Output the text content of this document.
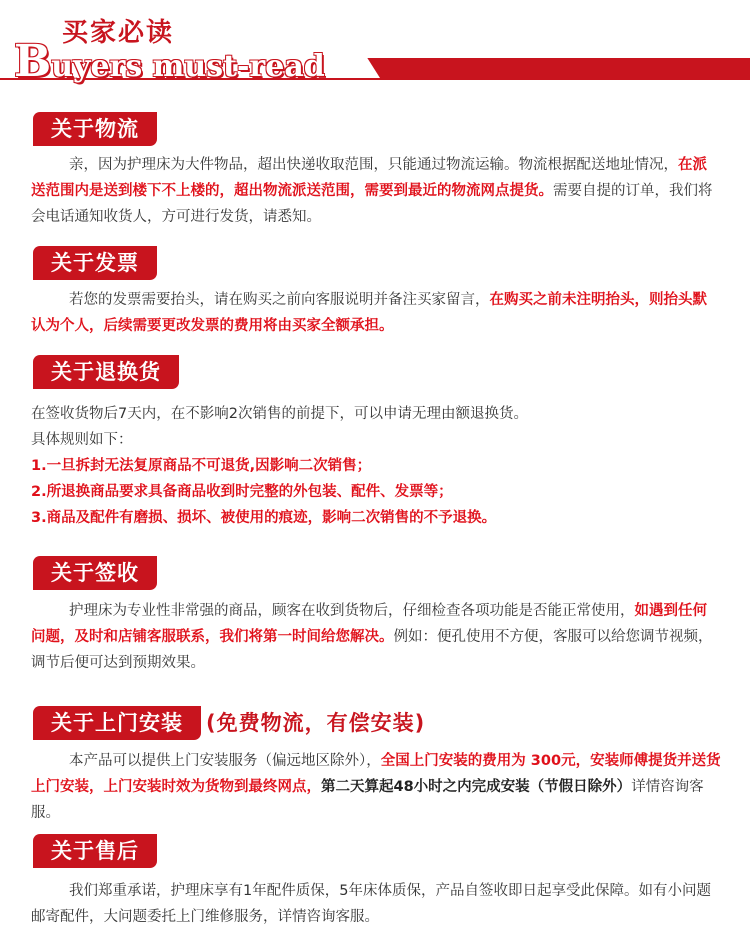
买家必读
Buyers must-read
关于物流

亲，因为护理床为大件物品，超出快递收取范围，只能通过物流运输。物流根据配送地址情况，在派送范围内是送到楼下不上楼的，超出物流派送范围，需要到最近的物流网点提货。需要自提的订单，我们将会电话通知收货人，方可进行发货，请悉知。

关于发票

若您的发票需要抬头，请在购买之前向客服说明并备注买家留言，在购买之前未注明抬头，则抬头默认为个人，后续需要更改发票的费用将由买家全额承担。

关于退换货

在签收货物后7天内，在不影响2次销售的前提下，可以申请无理由额退换货。
具体规则如下：
1.一旦拆封无法复原商品不可退货,因影响二次销售；
2.所退换商品要求具备商品收到时完整的外包装、配件、发票等；
3.商品及配件有磨损、损坏、被使用的痕迹，影响二次销售的不予退换。

关于签收

护理床为专业性非常强的商品，顾客在收到货物后，仔细检查各项功能是否能正常使用，如遇到任何问题，及时和店铺客服联系，我们将第一时间给您解决。例如：便孔使用不方便，客服可以给您调节视频，调节后便可达到预期效果。

关于上门安装	(免费物流，有偿安装)

本产品可以提供上门安装服务（偏远地区除外），全国上门安装的费用为 300元，安装师傅提货并送货上门安装，上门安装时效为货物到最终网点，第二天算起48小时之内完成安装（节假日除外）详情咨询客服。

关于售后

我们郑重承诺，护理床享有1年配件质保，5年床体质保，产品自签收即日起享受此保障。如有小问题邮寄配件，大问题委托上门维修服务，详情咨询客服。
